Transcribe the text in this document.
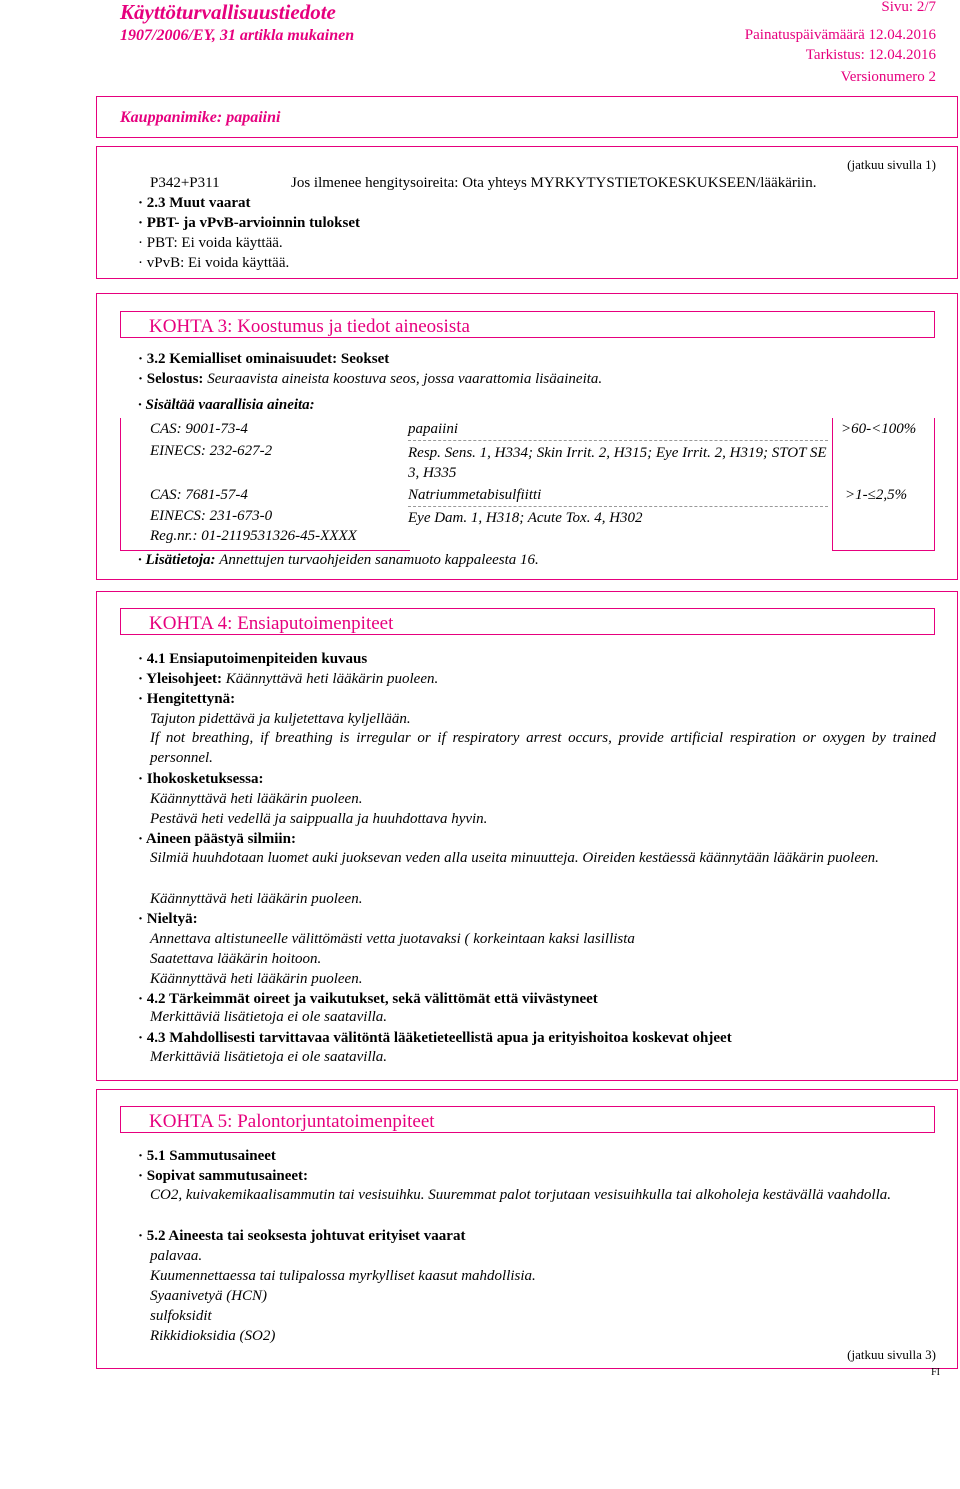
Käyttöturvallisuustiedote
1907/2006/EY, 31 artikla mukainen
Sivu: 2/7
Painatuspäivämäärä 12.04.2016
Tarkistus: 12.04.2016
Versionumero 2
Kauppanimike: papaiini
(jatkuu sivulla 1)
P342+P311	Jos ilmenee hengitysoireita: Ota yhteys MYRKYTYSTIETOKESKUKSEEN/lääkäriin.
· 2.3 Muut vaarat
· PBT- ja vPvB-arvioinnin tulokset
· PBT: Ei voida käyttää.
· vPvB: Ei voida käyttää.
KOHTA 3: Koostumus ja tiedot aineosista
· 3.2 Kemialliset ominaisuudet: Seokset
· Selostus: Seuraavista aineista koostuva seos, jossa vaarattomia lisäaineita.
· Sisältää vaarallisia aineita:
CAS: 9001-73-4
EINECS: 232-627-2
papaiini
Resp. Sens. 1, H334; Skin Irrit. 2, H315; Eye Irrit. 2, H319; STOT SE 3, H335
>60-<100%
CAS: 7681-57-4
EINECS: 231-673-0
Reg.nr.: 01-2119531326-45-XXXX
Natriummetabisulfiitti
Eye Dam. 1, H318; Acute Tox. 4, H302
>1-≤2,5%
· Lisätietoja: Annettujen turvaohjeiden sanamuoto kappaleesta 16.
KOHTA 4: Ensiaputoimenpiteet
· 4.1 Ensiaputoimenpiteiden kuvaus
· Yleisohjeet: Käännyttävä heti lääkärin puoleen.
· Hengitettynä:
Tajuton pidettävä ja kuljetettava kyljellään.
If not breathing, if breathing is irregular or if respiratory arrest occurs, provide artificial respiration or oxygen by trained personnel.
· Ihokosketuksessa:
Käännyttävä heti lääkärin puoleen.
Pestävä heti vedellä ja saippualla ja huuhdottava hyvin.
· Aineen päästyä silmiin:
Silmiä huuhdotaan luomet auki juoksevan veden alla useita minuutteja. Oireiden kestäessä käännytään lääkärin puoleen.
Käännyttävä heti lääkärin puoleen.
· Nieltyä:
Annettava altistuneelle välittömästi vetta juotavaksi ( korkeintaan kaksi lasillista
Saatettava lääkärin hoitoon.
Käännyttävä heti lääkärin puoleen.
· 4.2 Tärkeimmät oireet ja vaikutukset, sekä välittömät että viivästyneet
Merkittäviä lisätietoja ei ole saatavilla.
· 4.3 Mahdollisesti tarvittavaa välitöntä lääketieteellistä apua ja erityishoitoa koskevat ohjeet
Merkittäviä lisätietoja ei ole saatavilla.
KOHTA 5: Palontorjuntatoimenpiteet
· 5.1 Sammutusaineet
· Sopivat sammutusaineet:
CO2, kuivakemikaalisammutin tai vesisuihku. Suuremmat palot torjutaan vesisuihkulla tai alkoholeja kestävällä vaahdolla.
· 5.2 Aineesta tai seoksesta johtuvat erityiset vaarat
palavaa.
Kuumennettaessa tai tulipalossa myrkylliset kaasut mahdollisia.
Syaanivetyä (HCN)
sulfoksidit
Rikkidioksidia (SO2)
(jatkuu sivulla 3)
FI
